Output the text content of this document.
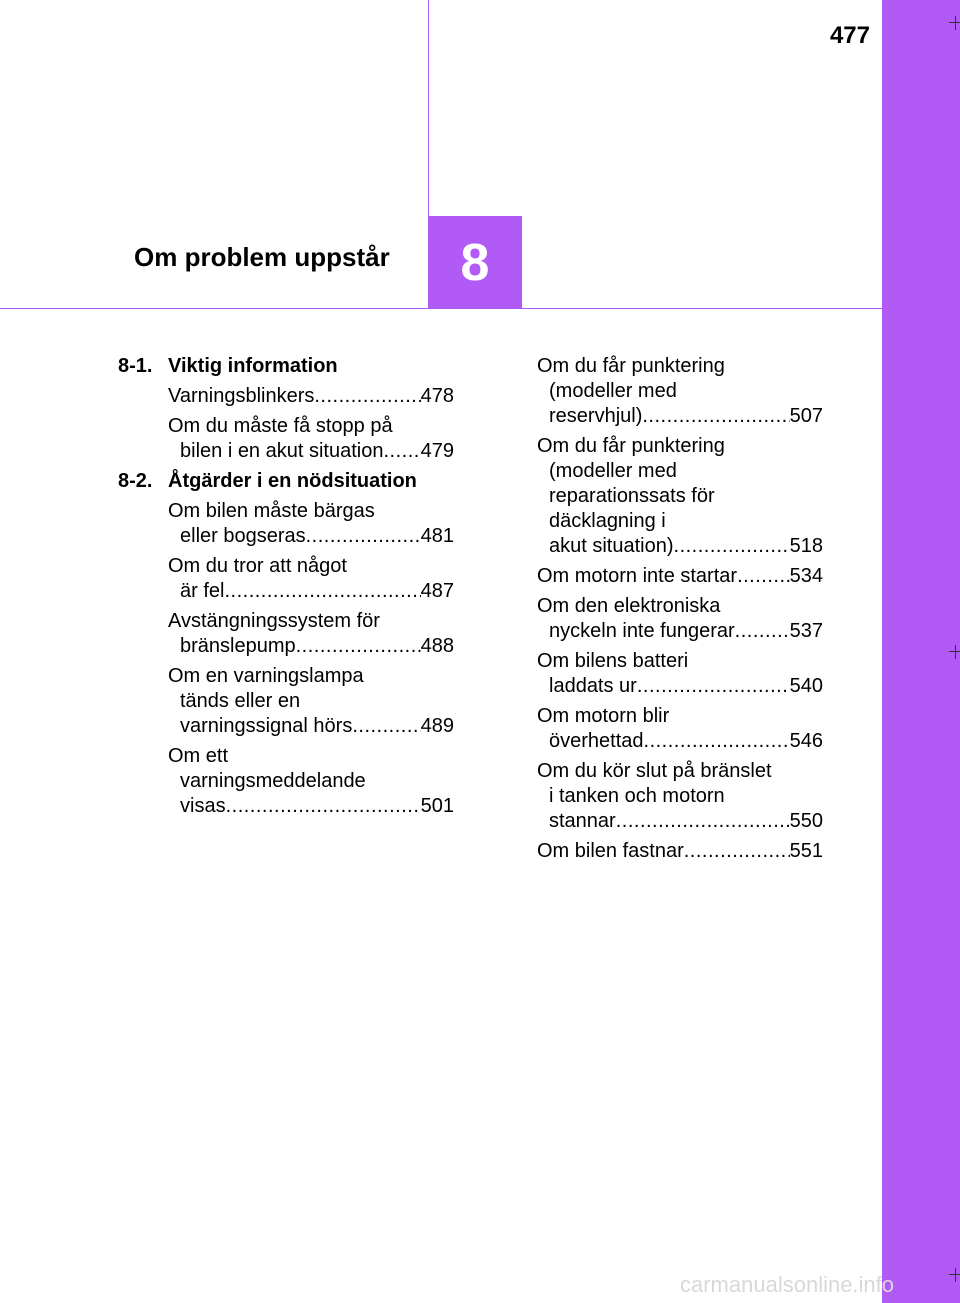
477
Om problem uppstår 8
8-1. Viktig information
Varningsblinkers .....	478
Om du måste få stopp på
bilen i en akut situation ..... 479
8-2. Åtgärder i en nödsituation
Om bilen måste bärgas
eller bogseras .....	481
Om du tror att något
är fel .....	487
Avstängningssystem för
bränslepump .....	488
Om en varningslampa
tänds eller en
varningssignal hörs .....	489
Om ett
varningsmeddelande
visas .....	501
Om du får punktering
(modeller med
reservhjul) .....	507
Om du får punktering
(modeller med
reparationssats för
däcklagning i
akut situation) .....	518
Om motorn inte startar .....	534
Om den elektroniska
nyckeln inte fungerar .....	537
Om bilens batteri
laddats ur .....	540
Om motorn blir
överhettad .....	546
Om du kör slut på bränslet
i tanken och motorn
stannar .....	550
Om bilen fastnar .....	551
carmanualsonline.info
